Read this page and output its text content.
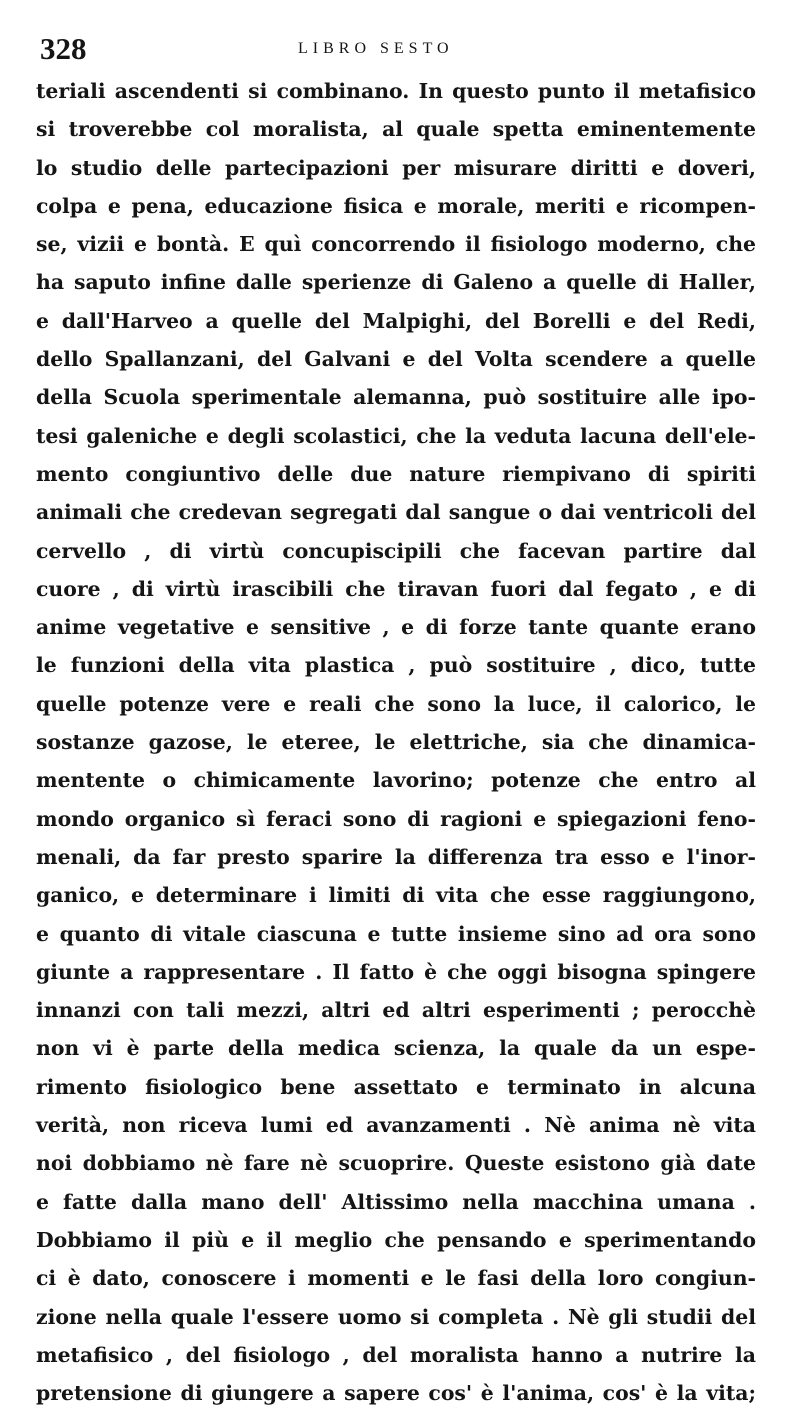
328	LIBRO SESTO
teriali ascendenti si combinano. In questo punto il metafisico
si troverebbe col moralista, al quale spetta eminentemente
lo studio delle partecipazioni per misurare diritti e doveri,
colpa e pena, educazione fisica e morale, meriti e ricompen-
se, vizii e bontà. E quì concorrendo il fisiologo moderno, che
ha saputo infine dalle sperienze di Galeno a quelle di Haller,
e dall'Harveo a quelle del Malpighi, del Borelli e del Redi,
dello Spallanzani, del Galvani e del Volta scendere a quelle
della Scuola sperimentale alemanna, può sostituire alle ipo-
tesi galeniche e degli scolastici, che la veduta lacuna dell'ele-
mento congiuntivo delle due nature riempivano di spiriti
animali che credevan segregati dal sangue o dai ventricoli del
cervello , di virtù concupiscipili che facevan partire dal
cuore , di virtù irascibili che tiravan fuori dal fegato , e di
anime vegetative e sensitive , e di forze tante quante erano
le funzioni della vita plastica , può sostituire , dico, tutte
quelle potenze vere e reali che sono la luce, il calorico, le
sostanze gazose, le eteree, le elettriche, sia che dinamica-
mentente o chimicamente lavorino; potenze che entro al
mondo organico sì feraci sono di ragioni e spiegazioni feno-
menali, da far presto sparire la differenza tra esso e l'inor-
ganico, e determinare i limiti di vita che esse raggiungono,
e quanto di vitale ciascuna e tutte insieme sino ad ora sono
giunte a rappresentare . Il fatto è che oggi bisogna spingere
innanzi con tali mezzi, altri ed altri esperimenti ; perocchè
non vi è parte della medica scienza, la quale da un espe-
rimento fisiologico bene assettato e terminato in alcuna
verità, non riceva lumi ed avanzamenti . Nè anima nè vita
noi dobbiamo nè fare nè scuoprire. Queste esistono già date
e fatte dalla mano dell' Altissimo nella macchina umana .
Dobbiamo il più e il meglio che pensando e sperimentando
ci è dato, conoscere i momenti e le fasi della loro congiun-
zione nella quale l'essere uomo si completa . Nè gli studii del
metafisico , del fisiologo , del moralista hanno a nutrire la
pretensione di giungere a sapere cos' è l'anima, cos' è la vita;
